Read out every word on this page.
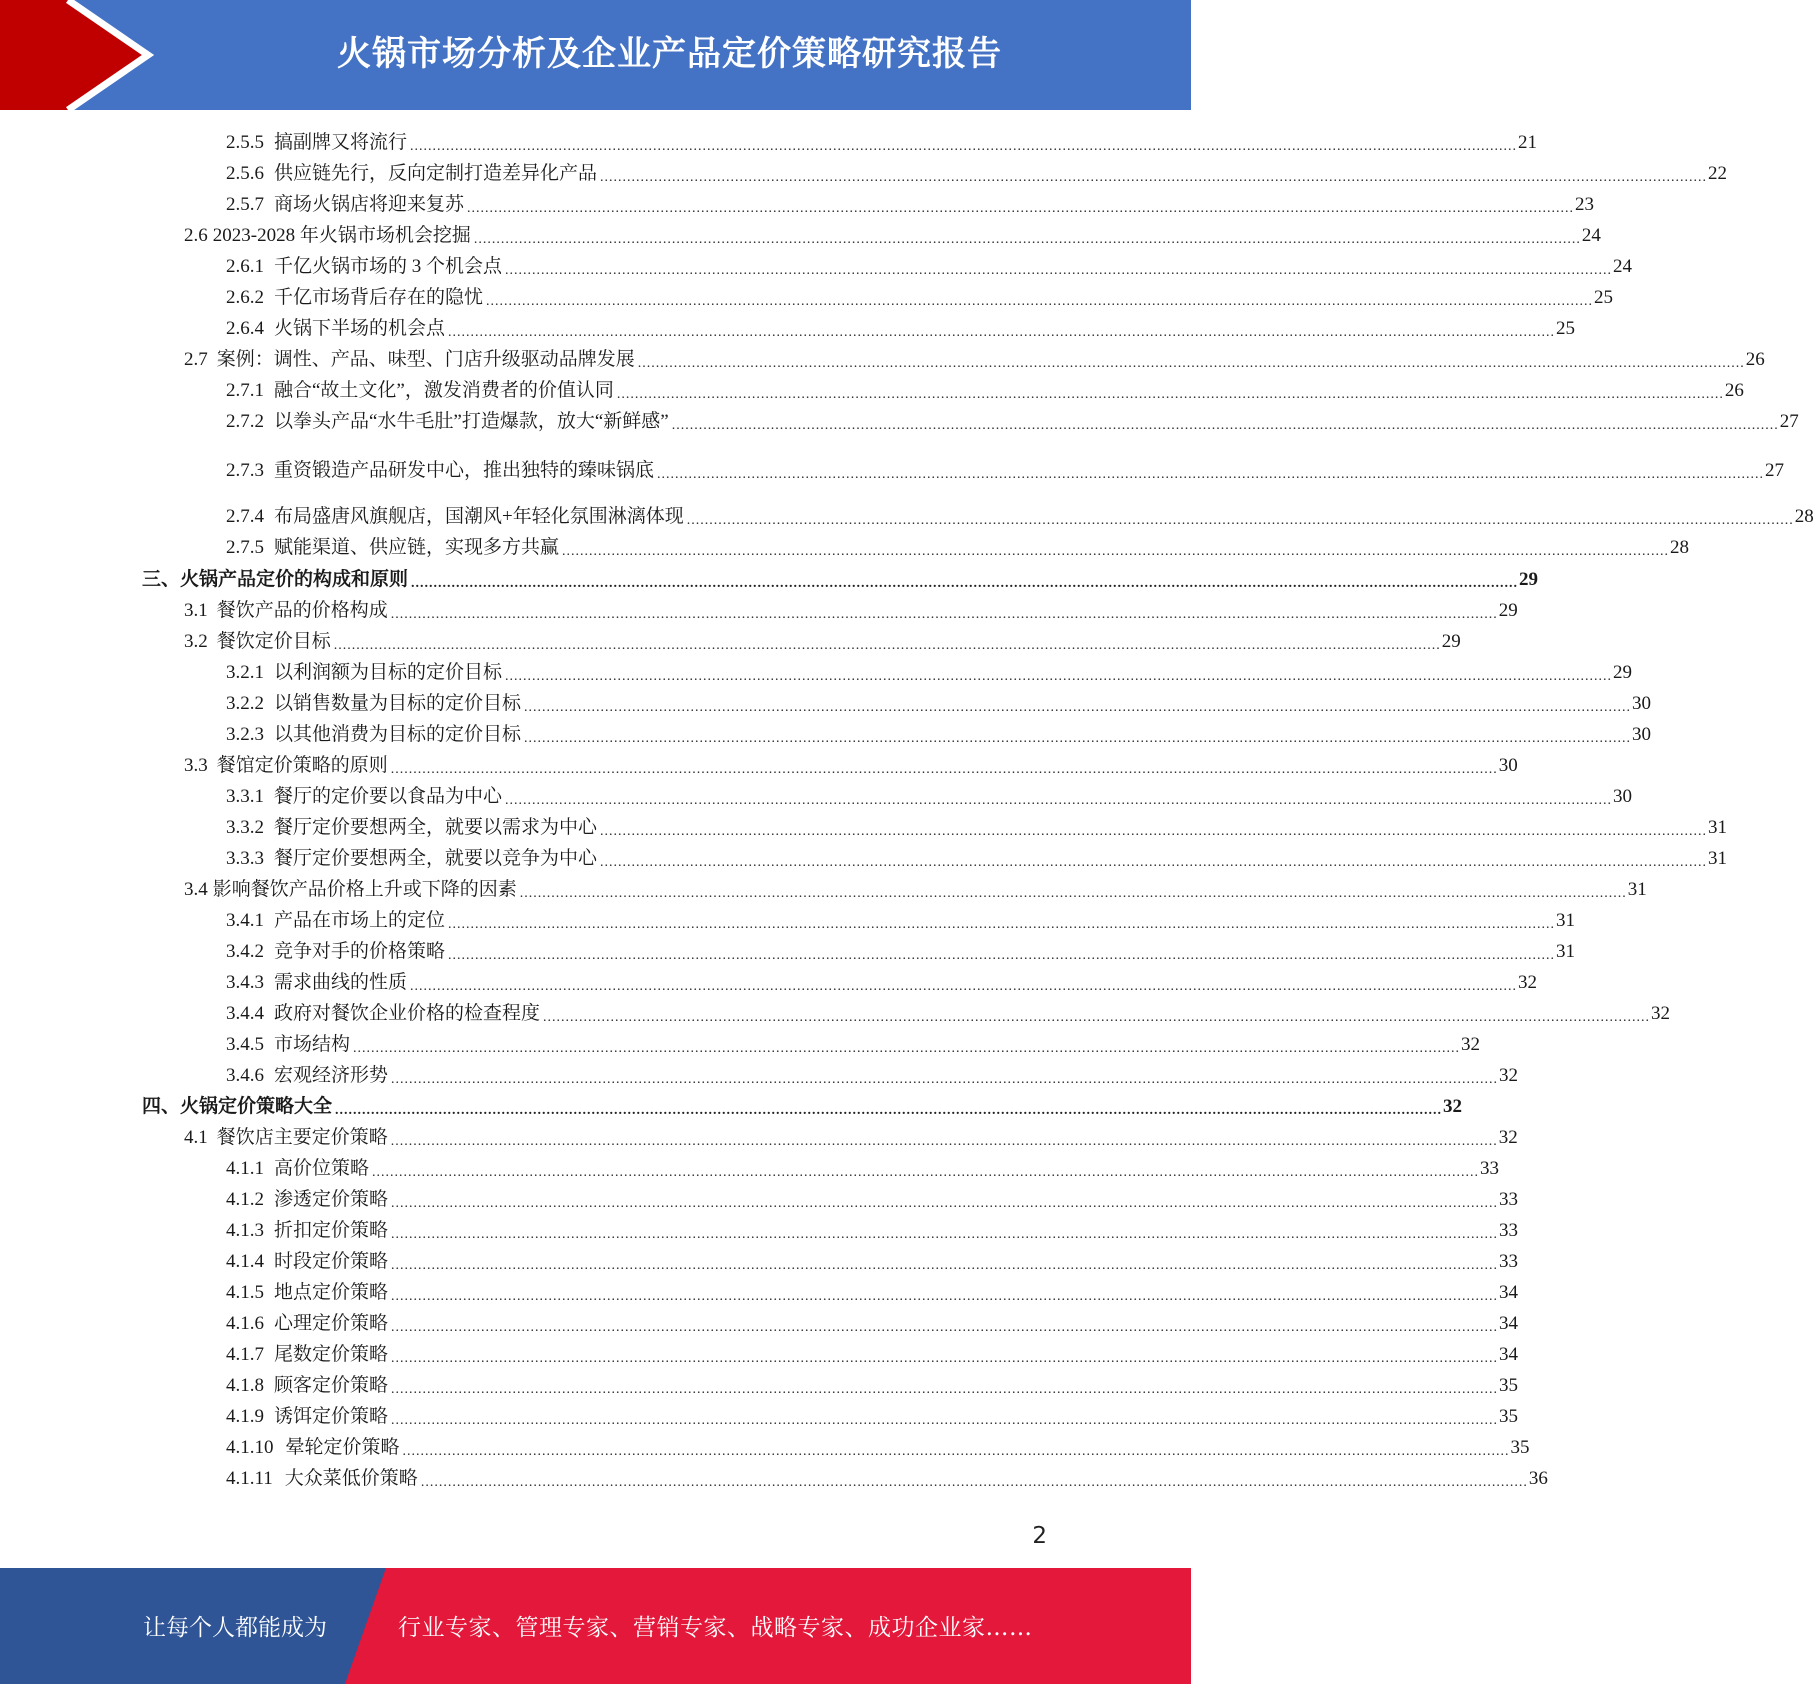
火锅市场分析及企业产品定价策略研究报告
2.5.5 搞副牌又将流行 ...................................................................................................................................................................................................................................................... 21
2.5.6 供应链先行，反向定制打造差异化产品 ...................................................................................................................................................................................................................................................... 22
2.5.7 商场火锅店将迎来复苏 ...................................................................................................................................................................................................................................................... 23
2.6 2023-2028 年火锅市场机会挖掘 ...................................................................................................................................................................................................................................................... 24
2.6.1 千亿火锅市场的 3 个机会点 ...................................................................................................................................................................................................................................................... 24
2.6.2 千亿市场背后存在的隐忧 ...................................................................................................................................................................................................................................................... 25
2.6.4 火锅下半场的机会点 ...................................................................................................................................................................................................................................................... 25
2.7 案例：调性、产品、味型、门店升级驱动品牌发展 ...................................................................................................................................................................................................................................................... 26
2.7.1 融合“故土文化”，激发消费者的价值认同 ...................................................................................................................................................................................................................................................... 26
2.7.2 以拳头产品“水牛毛肚”打造爆款，放大“新鲜感” ...................................................................................................................................................................................................................................................... 27
2.7.3 重资锻造产品研发中心，推出独特的臻味锅底 ...................................................................................................................................................................................................................................................... 27
2.7.4 布局盛唐风旗舰店，国潮风+年轻化氛围淋漓体现 ...................................................................................................................................................................................................................................................... 28
2.7.5 赋能渠道、供应链，实现多方共赢 ...................................................................................................................................................................................................................................................... 28
三、火锅产品定价的构成和原则 ...................................................................................................................................................................................................................................................... 29
3.1 餐饮产品的价格构成 ...................................................................................................................................................................................................................................................... 29
3.2 餐饮定价目标 ...................................................................................................................................................................................................................................................... 29
3.2.1 以利润额为目标的定价目标 ...................................................................................................................................................................................................................................................... 29
3.2.2 以销售数量为目标的定价目标 ...................................................................................................................................................................................................................................................... 30
3.2.3 以其他消费为目标的定价目标 ...................................................................................................................................................................................................................................................... 30
3.3 餐馆定价策略的原则 ...................................................................................................................................................................................................................................................... 30
3.3.1 餐厅的定价要以食品为中心 ...................................................................................................................................................................................................................................................... 30
3.3.2 餐厅定价要想两全，就要以需求为中心 ...................................................................................................................................................................................................................................................... 31
3.3.3 餐厅定价要想两全，就要以竞争为中心 ...................................................................................................................................................................................................................................................... 31
3.4 影响餐饮产品价格上升或下降的因素 ...................................................................................................................................................................................................................................................... 31
3.4.1 产品在市场上的定位 ...................................................................................................................................................................................................................................................... 31
3.4.2 竞争对手的价格策略 ...................................................................................................................................................................................................................................................... 31
3.4.3 需求曲线的性质 ...................................................................................................................................................................................................................................................... 32
3.4.4 政府对餐饮企业价格的检查程度 ...................................................................................................................................................................................................................................................... 32
3.4.5 市场结构 ...................................................................................................................................................................................................................................................... 32
3.4.6 宏观经济形势 ...................................................................................................................................................................................................................................................... 32
四、火锅定价策略大全 ...................................................................................................................................................................................................................................................... 32
4.1 餐饮店主要定价策略 ...................................................................................................................................................................................................................................................... 32
4.1.1 高价位策略 ...................................................................................................................................................................................................................................................... 33
4.1.2 渗透定价策略 ...................................................................................................................................................................................................................................................... 33
4.1.3 折扣定价策略 ...................................................................................................................................................................................................................................................... 33
4.1.4 时段定价策略 ...................................................................................................................................................................................................................................................... 33
4.1.5 地点定价策略 ...................................................................................................................................................................................................................................................... 34
4.1.6 心理定价策略 ...................................................................................................................................................................................................................................................... 34
4.1.7 尾数定价策略 ...................................................................................................................................................................................................................................................... 34
4.1.8 顾客定价策略 ...................................................................................................................................................................................................................................................... 35
4.1.9 诱饵定价策略 ...................................................................................................................................................................................................................................................... 35
4.1.10 晕轮定价策略 ...................................................................................................................................................................................................................................................... 35
4.1.11 大众菜低价策略 ...................................................................................................................................................................................................................................................... 36
2
让每个人都能成为	行业专家、管理专家、营销专家、战略专家、成功企业家……
